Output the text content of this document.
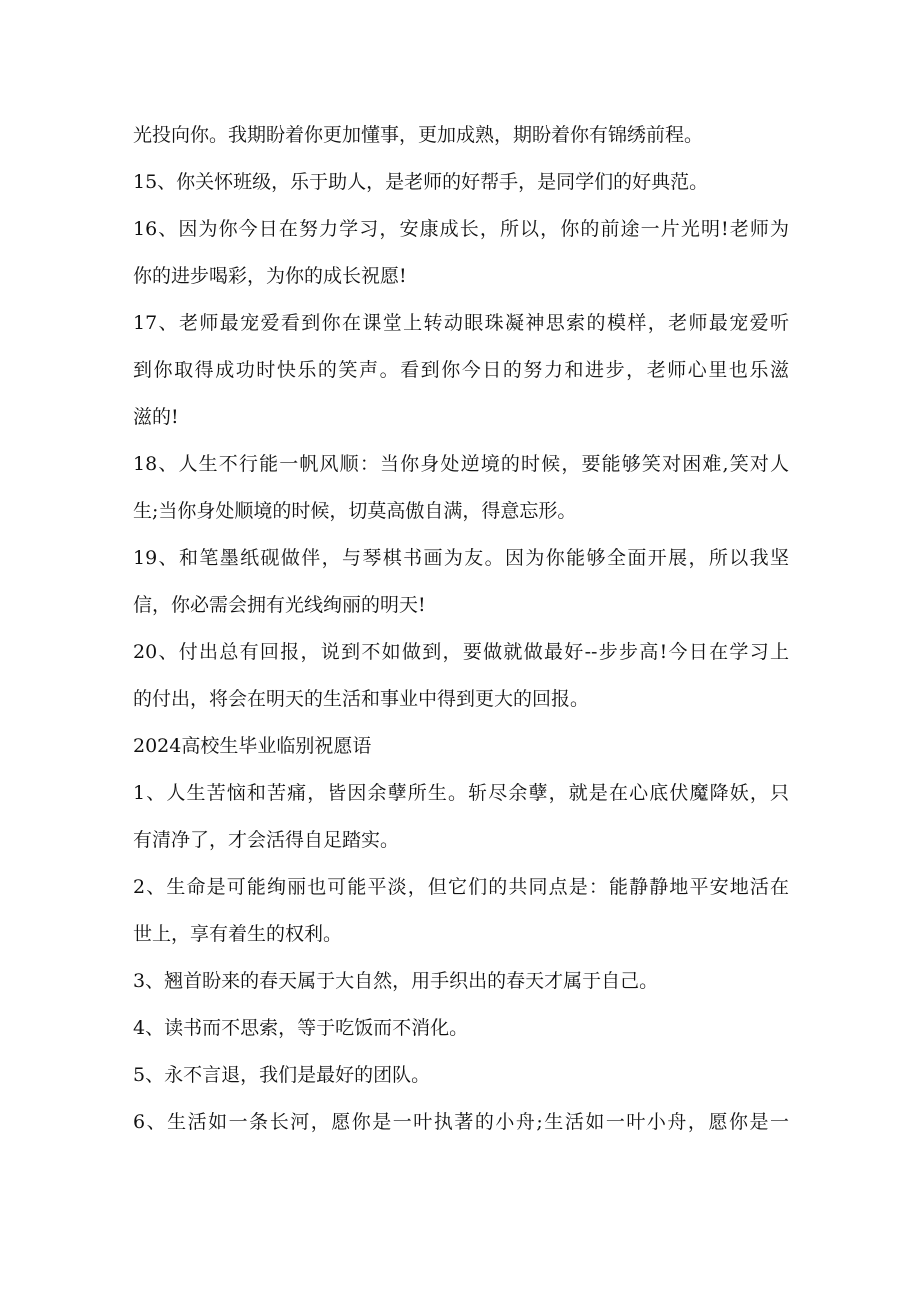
光投向你。我期盼着你更加懂事，更加成熟，期盼着你有锦绣前程。
15、你关怀班级，乐于助人，是老师的好帮手，是同学们的好典范。
16、因为你今日在努力学习，安康成长，所以，你的前途一片光明!老师为
你的进步喝彩，为你的成长祝愿!
17、老师最宠爱看到你在课堂上转动眼珠凝神思索的模样，老师最宠爱听
到你取得成功时快乐的笑声。看到你今日的努力和进步，老师心里也乐滋
滋的!
18、人生不行能一帆风顺：当你身处逆境的时候，要能够笑对困难,笑对人
生;当你身处顺境的时候，切莫高傲自满，得意忘形。
19、和笔墨纸砚做伴，与琴棋书画为友。因为你能够全面开展，所以我坚
信，你必需会拥有光线绚丽的明天!
20、付出总有回报，说到不如做到，要做就做最好--步步高!今日在学习上
的付出，将会在明天的生活和事业中得到更大的回报。
2024高校生毕业临别祝愿语
1、人生苦恼和苦痛，皆因余孽所生。斩尽余孽，就是在心底伏魔降妖，只
有清净了，才会活得自足踏实。
2、生命是可能绚丽也可能平淡，但它们的共同点是：能静静地平安地活在
世上，享有着生的权利。
3、翘首盼来的春天属于大自然，用手织出的春天才属于自己。
4、读书而不思索，等于吃饭而不消化。
5、永不言退，我们是最好的团队。
6、生活如一条长河，愿你是一叶执著的小舟;生活如一叶小舟，愿你是一
